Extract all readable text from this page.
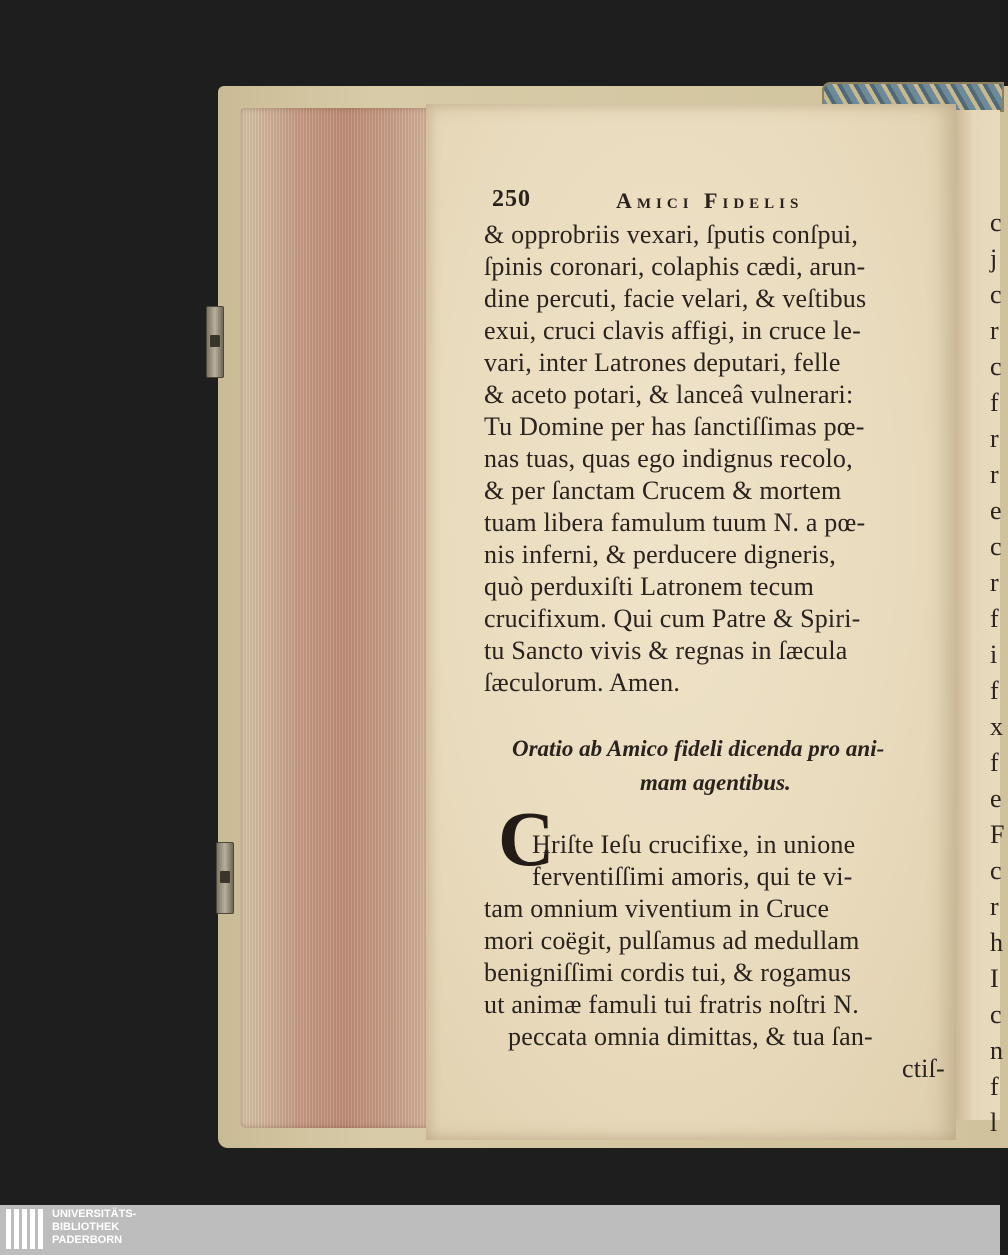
c
j
c
r
c
f
r
r
e
c
r
f
i
f
x
f
e
F
c
r
h
I
c
n
f
l
250	Amici Fidelis
& opprobriis vexari, ſputis conſpui,
ſpinis coronari, colaphis cædi, arun-
dine percuti, facie velari, & veſtibus
exui, cruci clavis affigi, in cruce le-
vari, inter Latrones deputari, felle
& aceto potari, & lanceâ vulnerari:
Tu Domine per has ſanctiſſimas pœ-
nas tuas, quas ego indignus recolo,
& per ſanctam Crucem & mortem
tuam libera famulum tuum N. a pœ-
nis inferni, & perducere digneris,
quò perduxiſti Latronem tecum
crucifixum. Qui cum Patre & Spiri-
tu Sancto vivis & regnas in ſæcula
ſæculorum. Amen.
Oratio ab Amico fideli dicenda pro ani-
mam agentibus.
C
Hriſte Ieſu crucifixe, in unione
ferventiſſimi amoris, qui te vi-
tam omnium viventium in Cruce
mori coëgit, pulſamus ad medullam
benigniſſimi cordis tui, & rogamus
ut animæ famuli tui fratris noſtri N.
peccata omnia dimittas, & tua ſan-
ctiſ-
UNIVERSITÄTS-
BIBLIOTHEK
PADERBORN
